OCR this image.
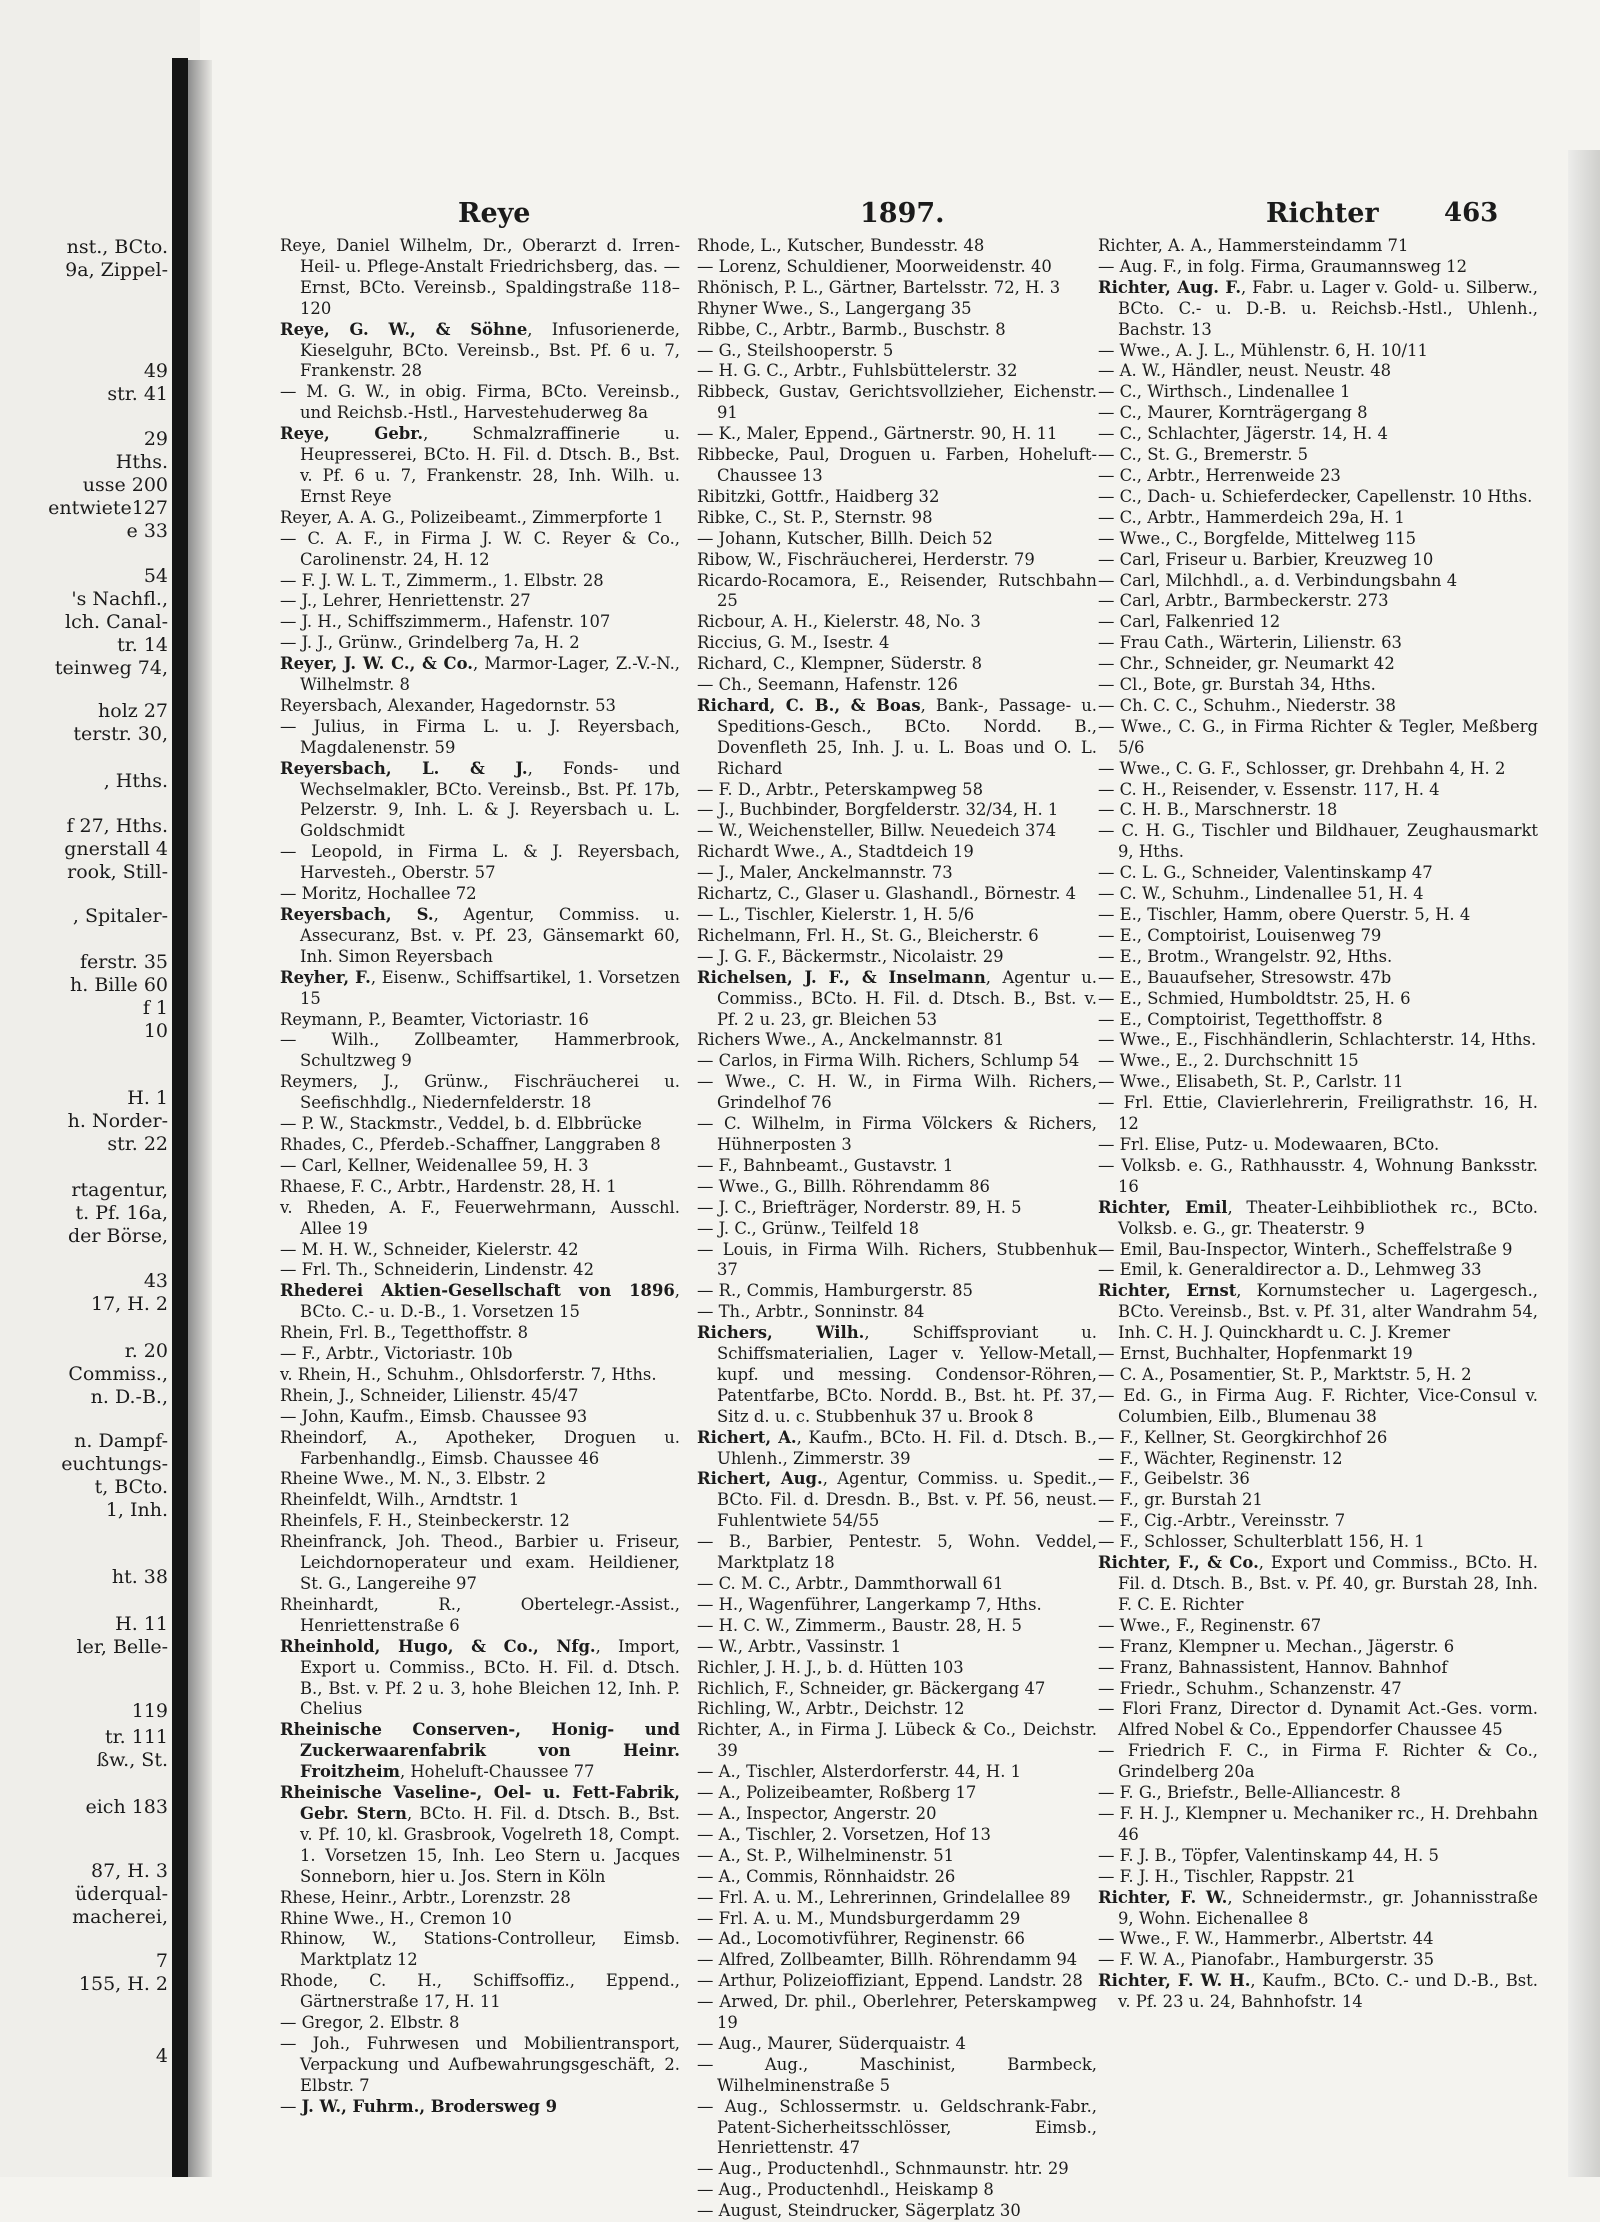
nst., BCto.
9a, Zippel-
49
str. 41
29
Hths.
usse 200
entwiete127
e 33
54
's Nachfl.,
lch. Canal-
tr. 14
teinweg 74,
holz 27
terstr. 30,
, Hths.
f 27, Hths.
gnerstall 4
rook, Still-
, Spitaler-
ferstr. 35
h. Bille 60
f 1
10
H. 1
h. Norder-
str. 22
rtagentur,
t. Pf. 16a,
der Börse,
43
17, H. 2
r. 20
Commiss.,
n. D.-B.,
n. Dampf-
euchtungs-
t, BCto.
1, Inh.
ht. 38
H. 11
ler, Belle-
119
tr. 111
ßw., St.
eich 183
87, H. 3
üderqual-
macherei,
7
155, H. 2
4
Reye	1897.	Richter	463

Reye, Daniel Wilhelm, Dr., Oberarzt d. Irren-Heil- u. Pflege-Anstalt Friedrichsberg, das. — Ernst, BCto. Vereinsb., Spaldingstraße 118–120

Reye, G. W., & Söhne, Infusorienerde, Kieselguhr, BCto. Vereinsb., Bst. Pf. 6 u. 7, Frankenstr. 28

— M. G. W., in obig. Firma, BCto. Vereinsb., und Reichsb.-Hstl., Harvestehuderweg 8a

Reye, Gebr., Schmalzraffinerie u. Heupresserei, BCto. H. Fil. d. Dtsch. B., Bst. v. Pf. 6 u. 7, Frankenstr. 28, Inh. Wilh. u. Ernst Reye

Reyer, A. A. G., Polizeibeamt., Zimmerpforte 1

— C. A. F., in Firma J. W. C. Reyer & Co., Carolinenstr. 24, H. 12

— F. J. W. L. T., Zimmerm., 1. Elbstr. 28

— J., Lehrer, Henriettenstr. 27

— J. H., Schiffszimmerm., Hafenstr. 107

— J. J., Grünw., Grindelberg 7a, H. 2

Reyer, J. W. C., & Co., Marmor-Lager, Z.-V.-N., Wilhelmstr. 8

Reyersbach, Alexander, Hagedornstr. 53

— Julius, in Firma L. u. J. Reyersbach, Magdalenenstr. 59

Reyersbach, L. & J., Fonds- und Wechselmakler, BCto. Vereinsb., Bst. Pf. 17b, Pelzerstr. 9, Inh. L. & J. Reyersbach u. L. Goldschmidt

— Leopold, in Firma L. & J. Reyersbach, Harvesteh., Oberstr. 57

— Moritz, Hochallee 72

Reyersbach, S., Agentur, Commiss. u. Assecuranz, Bst. v. Pf. 23, Gänsemarkt 60, Inh. Simon Reyersbach

Reyher, F., Eisenw., Schiffsartikel, 1. Vorsetzen 15

Reymann, P., Beamter, Victoriastr. 16

— Wilh., Zollbeamter, Hammerbrook, Schultzweg 9

Reymers, J., Grünw., Fischräucherei u. Seefischhdlg., Niedernfelderstr. 18

— P. W., Stackmstr., Veddel, b. d. Elbbrücke

Rhades, C., Pferdeb.-Schaffner, Langgraben 8

— Carl, Kellner, Weidenallee 59, H. 3

Rhaese, F. C., Arbtr., Hardenstr. 28, H. 1

v. Rheden, A. F., Feuerwehrmann, Ausschl. Allee 19

— M. H. W., Schneider, Kielerstr. 42

— Frl. Th., Schneiderin, Lindenstr. 42

Rhederei Aktien-Gesellschaft von 1896, BCto. C.- u. D.-B., 1. Vorsetzen 15

Rhein, Frl. B., Tegetthoffstr. 8

— F., Arbtr., Victoriastr. 10b

v. Rhein, H., Schuhm., Ohlsdorferstr. 7, Hths.

Rhein, J., Schneider, Lilienstr. 45/47

— John, Kaufm., Eimsb. Chaussee 93

Rheindorf, A., Apotheker, Droguen u. Farbenhandlg., Eimsb. Chaussee 46

Rheine Wwe., M. N., 3. Elbstr. 2

Rheinfeldt, Wilh., Arndtstr. 1

Rheinfels, F. H., Steinbeckerstr. 12

Rheinfranck, Joh. Theod., Barbier u. Friseur, Leichdornoperateur und exam. Heildiener, St. G., Langereihe 97

Rheinhardt, R., Obertelegr.-Assist., Henriettenstraße 6

Rheinhold, Hugo, & Co., Nfg., Import, Export u. Commiss., BCto. H. Fil. d. Dtsch. B., Bst. v. Pf. 2 u. 3, hohe Bleichen 12, Inh. P. Chelius

Rheinische Conserven-, Honig- und Zuckerwaarenfabrik von Heinr. Froitzheim, Hoheluft-Chaussee 77

Rheinische Vaseline-, Oel- u. Fett-Fabrik, Gebr. Stern, BCto. H. Fil. d. Dtsch. B., Bst. v. Pf. 10, kl. Grasbrook, Vogelreth 18, Compt. 1. Vorsetzen 15, Inh. Leo Stern u. Jacques Sonneborn, hier u. Jos. Stern in Köln

Rhese, Heinr., Arbtr., Lorenzstr. 28

Rhine Wwe., H., Cremon 10

Rhinow, W., Stations-Controlleur, Eimsb. Marktplatz 12

Rhode, C. H., Schiffsoffiz., Eppend., Gärtnerstraße 17, H. 11

— Gregor, 2. Elbstr. 8

— Joh., Fuhrwesen und Mobilientransport, Verpackung und Aufbewahrungsgeschäft, 2. Elbstr. 7

— J. W., Fuhrm., Brodersweg 9

Rhode, L., Kutscher, Bundesstr. 48

— Lorenz, Schuldiener, Moorweidenstr. 40

Rhönisch, P. L., Gärtner, Bartelsstr. 72, H. 3

Rhyner Wwe., S., Langergang 35

Ribbe, C., Arbtr., Barmb., Buschstr. 8

— G., Steilshooperstr. 5

— H. G. C., Arbtr., Fuhlsbüttelerstr. 32

Ribbeck, Gustav, Gerichtsvollzieher, Eichenstr. 91

— K., Maler, Eppend., Gärtnerstr. 90, H. 11

Ribbecke, Paul, Droguen u. Farben, Hoheluft-Chaussee 13

Ribitzki, Gottfr., Haidberg 32

Ribke, C., St. P., Sternstr. 98

— Johann, Kutscher, Billh. Deich 52

Ribow, W., Fischräucherei, Herderstr. 79

Ricardo-Rocamora, E., Reisender, Rutschbahn 25

Ricbour, A. H., Kielerstr. 48, No. 3

Riccius, G. M., Isestr. 4

Richard, C., Klempner, Süderstr. 8

— Ch., Seemann, Hafenstr. 126

Richard, C. B., & Boas, Bank-, Passage- u. Speditions-Gesch., BCto. Nordd. B., Dovenfleth 25, Inh. J. u. L. Boas und O. L. Richard

— F. D., Arbtr., Peterskampweg 58

— J., Buchbinder, Borgfelderstr. 32/34, H. 1

— W., Weichensteller, Billw. Neuedeich 374

Richardt Wwe., A., Stadtdeich 19

— J., Maler, Anckelmannstr. 73

Richartz, C., Glaser u. Glashandl., Börnestr. 4

— L., Tischler, Kielerstr. 1, H. 5/6

Richelmann, Frl. H., St. G., Bleicherstr. 6

— J. G. F., Bäckermstr., Nicolaistr. 29

Richelsen, J. F., & Inselmann, Agentur u. Commiss., BCto. H. Fil. d. Dtsch. B., Bst. v. Pf. 2 u. 23, gr. Bleichen 53

Richers Wwe., A., Anckelmannstr. 81

— Carlos, in Firma Wilh. Richers, Schlump 54

— Wwe., C. H. W., in Firma Wilh. Richers, Grindelhof 76

— C. Wilhelm, in Firma Völckers & Richers, Hühnerposten 3

— F., Bahnbeamt., Gustavstr. 1

— Wwe., G., Billh. Röhrendamm 86

— J. C., Briefträger, Norderstr. 89, H. 5

— J. C., Grünw., Teilfeld 18

— Louis, in Firma Wilh. Richers, Stubbenhuk 37

— R., Commis, Hamburgerstr. 85

— Th., Arbtr., Sonninstr. 84

Richers, Wilh., Schiffsproviant u. Schiffsmaterialien, Lager v. Yellow-Metall, kupf. und messing. Condensor-Röhren, Patentfarbe, BCto. Nordd. B., Bst. ht. Pf. 37, Sitz d. u. c. Stubbenhuk 37 u. Brook 8

Richert, A., Kaufm., BCto. H. Fil. d. Dtsch. B., Uhlenh., Zimmerstr. 39

Richert, Aug., Agentur, Commiss. u. Spedit., BCto. Fil. d. Dresdn. B., Bst. v. Pf. 56, neust. Fuhlentwiete 54/55

— B., Barbier, Pentestr. 5, Wohn. Veddel, Marktplatz 18

— C. M. C., Arbtr., Dammthorwall 61

— H., Wagenführer, Langerkamp 7, Hths.

— H. C. W., Zimmerm., Baustr. 28, H. 5

— W., Arbtr., Vassinstr. 1

Richler, J. H. J., b. d. Hütten 103

Richlich, F., Schneider, gr. Bäckergang 47

Richling, W., Arbtr., Deichstr. 12

Richter, A., in Firma J. Lübeck & Co., Deichstr. 39

— A., Tischler, Alsterdorferstr. 44, H. 1

— A., Polizeibeamter, Roßberg 17

— A., Inspector, Angerstr. 20

— A., Tischler, 2. Vorsetzen, Hof 13

— A., St. P., Wilhelminenstr. 51

— A., Commis, Rönnhaidstr. 26

— Frl. A. u. M., Lehrerinnen, Grindelallee 89

— Frl. A. u. M., Mundsburgerdamm 29

— Ad., Locomotivführer, Reginenstr. 66

— Alfred, Zollbeamter, Billh. Röhrendamm 94

— Arthur, Polizeioffiziant, Eppend. Landstr. 28

— Arwed, Dr. phil., Oberlehrer, Peterskampweg 19

— Aug., Maurer, Süderquaistr. 4

— Aug., Maschinist, Barmbeck, Wilhelminenstraße 5

— Aug., Schlossermstr. u. Geldschrank-Fabr., Patent-Sicherheitsschlösser, Eimsb., Henriettenstr. 47

— Aug., Productenhdl., Schnmaunstr. htr. 29

— Aug., Productenhdl., Heiskamp 8

— August, Steindrucker, Sägerplatz 30

Richter, A. A., Hammersteindamm 71

— Aug. F., in folg. Firma, Graumannsweg 12

Richter, Aug. F., Fabr. u. Lager v. Gold- u. Silberw., BCto. C.- u. D.-B. u. Reichsb.-Hstl., Uhlenh., Bachstr. 13

— Wwe., A. J. L., Mühlenstr. 6, H. 10/11

— A. W., Händler, neust. Neustr. 48

— C., Wirthsch., Lindenallee 1

— C., Maurer, Kornträgergang 8

— C., Schlachter, Jägerstr. 14, H. 4

— C., St. G., Bremerstr. 5

— C., Arbtr., Herrenweide 23

— C., Dach- u. Schieferdecker, Capellenstr. 10 Hths.

— C., Arbtr., Hammerdeich 29a, H. 1

— Wwe., C., Borgfelde, Mittelweg 115

— Carl, Friseur u. Barbier, Kreuzweg 10

— Carl, Milchhdl., a. d. Verbindungsbahn 4

— Carl, Arbtr., Barmbeckerstr. 273

— Carl, Falkenried 12

— Frau Cath., Wärterin, Lilienstr. 63

— Chr., Schneider, gr. Neumarkt 42

— Cl., Bote, gr. Burstah 34, Hths.

— Ch. C. C., Schuhm., Niederstr. 38

— Wwe., C. G., in Firma Richter & Tegler, Meßberg 5/6

— Wwe., C. G. F., Schlosser, gr. Drehbahn 4, H. 2

— C. H., Reisender, v. Essenstr. 117, H. 4

— C. H. B., Marschnerstr. 18

— C. H. G., Tischler und Bildhauer, Zeughausmarkt 9, Hths.

— C. L. G., Schneider, Valentinskamp 47

— C. W., Schuhm., Lindenallee 51, H. 4

— E., Tischler, Hamm, obere Querstr. 5, H. 4

— E., Comptoirist, Louisenweg 79

— E., Brotm., Wrangelstr. 92, Hths.

— E., Bauaufseher, Stresowstr. 47b

— E., Schmied, Humboldtstr. 25, H. 6

— E., Comptoirist, Tegetthoffstr. 8

— Wwe., E., Fischhändlerin, Schlachterstr. 14, Hths.

— Wwe., E., 2. Durchschnitt 15

— Wwe., Elisabeth, St. P., Carlstr. 11

— Frl. Ettie, Clavierlehrerin, Freiligrathstr. 16, H. 12

— Frl. Elise, Putz- u. Modewaaren, BCto.

— Volksb. e. G., Rathhausstr. 4, Wohnung Banksstr. 16

Richter, Emil, Theater-Leihbibliothek rc., BCto. Volksb. e. G., gr. Theaterstr. 9

— Emil, Bau-Inspector, Winterh., Scheffelstraße 9

— Emil, k. Generaldirector a. D., Lehmweg 33

Richter, Ernst, Kornumstecher u. Lagergesch., BCto. Vereinsb., Bst. v. Pf. 31, alter Wandrahm 54, Inh. C. H. J. Quinckhardt u. C. J. Kremer

— Ernst, Buchhalter, Hopfenmarkt 19

— C. A., Posamentier, St. P., Marktstr. 5, H. 2

— Ed. G., in Firma Aug. F. Richter, Vice-Consul v. Columbien, Eilb., Blumenau 38

— F., Kellner, St. Georgkirchhof 26

— F., Wächter, Reginenstr. 12

— F., Geibelstr. 36

— F., gr. Burstah 21

— F., Cig.-Arbtr., Vereinsstr. 7

— F., Schlosser, Schulterblatt 156, H. 1

Richter, F., & Co., Export und Commiss., BCto. H. Fil. d. Dtsch. B., Bst. v. Pf. 40, gr. Burstah 28, Inh. F. C. E. Richter

— Wwe., F., Reginenstr. 67

— Franz, Klempner u. Mechan., Jägerstr. 6

— Franz, Bahnassistent, Hannov. Bahnhof

— Friedr., Schuhm., Schanzenstr. 47

— Flori Franz, Director d. Dynamit Act.-Ges. vorm. Alfred Nobel & Co., Eppendorfer Chaussee 45

— Friedrich F. C., in Firma F. Richter & Co., Grindelberg 20a

— F. G., Briefstr., Belle-Alliancestr. 8

— F. H. J., Klempner u. Mechaniker rc., H. Drehbahn 46

— F. J. B., Töpfer, Valentinskamp 44, H. 5

— F. J. H., Tischler, Rappstr. 21

Richter, F. W., Schneidermstr., gr. Johannisstraße 9, Wohn. Eichenallee 8

— Wwe., F. W., Hammerbr., Albertstr. 44

— F. W. A., Pianofabr., Hamburgerstr. 35

Richter, F. W. H., Kaufm., BCto. C.- und D.-B., Bst. v. Pf. 23 u. 24, Bahnhofstr. 14
